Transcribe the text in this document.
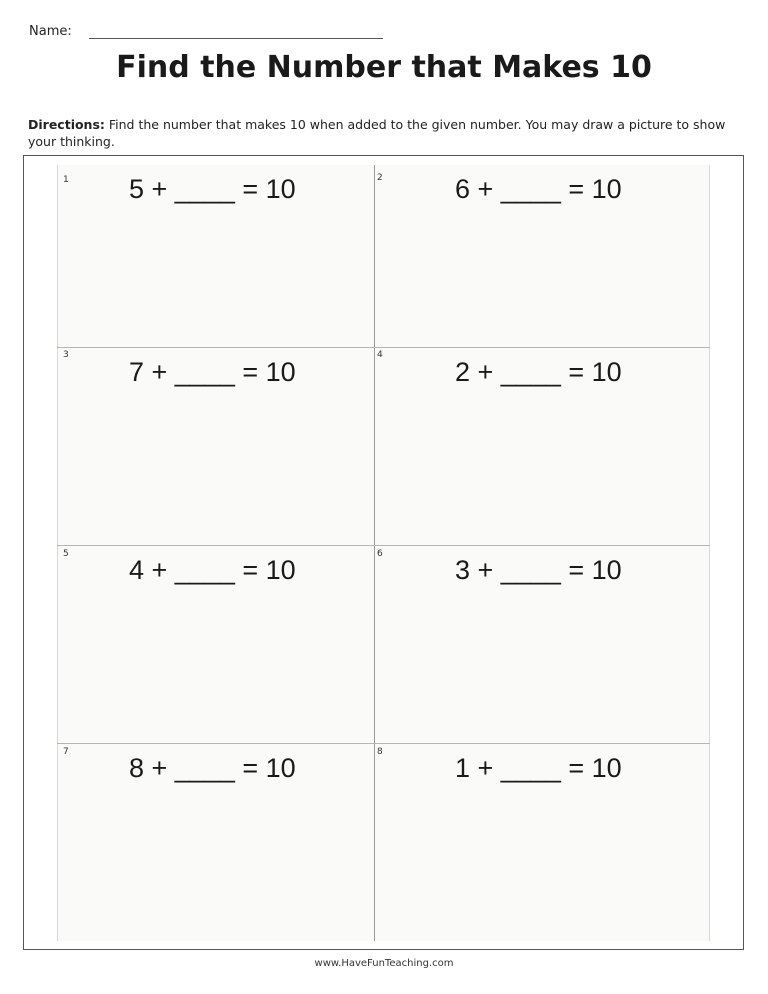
Name:
Find the Number that Makes 10
Directions: Find the number that makes 10 when added to the given number. You may draw a picture to show your thinking.
1 5 + ____ = 10	2	6 + ____ = 10
3
7 + ____ = 10
4
2 + ____ = 10
5
4 + ____ = 10
6
3 + ____ = 10
7
8 + ____ = 10
8
1 + ____ = 10
www.HaveFunTeaching.com
